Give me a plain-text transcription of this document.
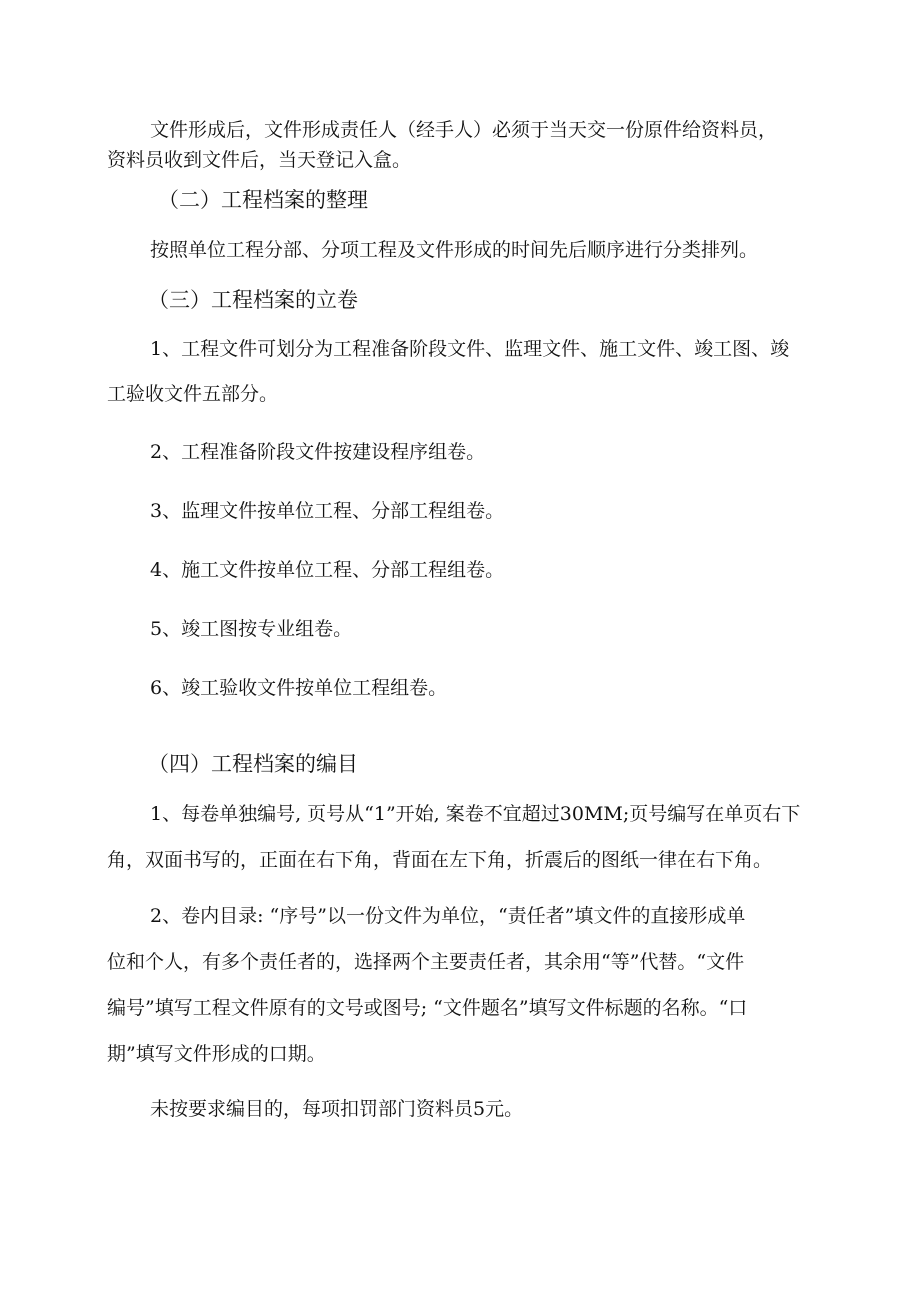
文件形成后，文件形成责任人（经手人）必须于当天交一份原件给资料员，
资料员收到文件后，当天登记入盒。
（二）工程档案的整理
按照单位工程分部、分项工程及文件形成的时间先后顺序进行分类排列。
（三）工程档案的立卷
1、工程文件可划分为工程准备阶段文件、监理文件、施工文件、竣工图、竣
工验收文件五部分。
2、工程准备阶段文件按建设程序组卷。
3、监理文件按单位工程、分部工程组卷。
4、施工文件按单位工程、分部工程组卷。
5、竣工图按专业组卷。
6、竣工验收文件按单位工程组卷。
（四）工程档案的编目
1、每卷单独编号, 页号从“1”开始, 案卷不宜超过30MM;页号编写在单页右下
角，双面书写的，正面在右下角，背面在左下角，折震后的图纸一律在右下角。
2、卷内目录: “序号”以一份文件为单位，“责任者”填文件的直接形成单
位和个人，有多个责任者的，选择两个主要责任者，其余用“等”代替。“文件
编号”填写工程文件原有的文号或图号; “文件题名”填写文件标题的名称。“口
期”填写文件形成的口期。
未按要求编目的，每项扣罚部门资料员5元。
